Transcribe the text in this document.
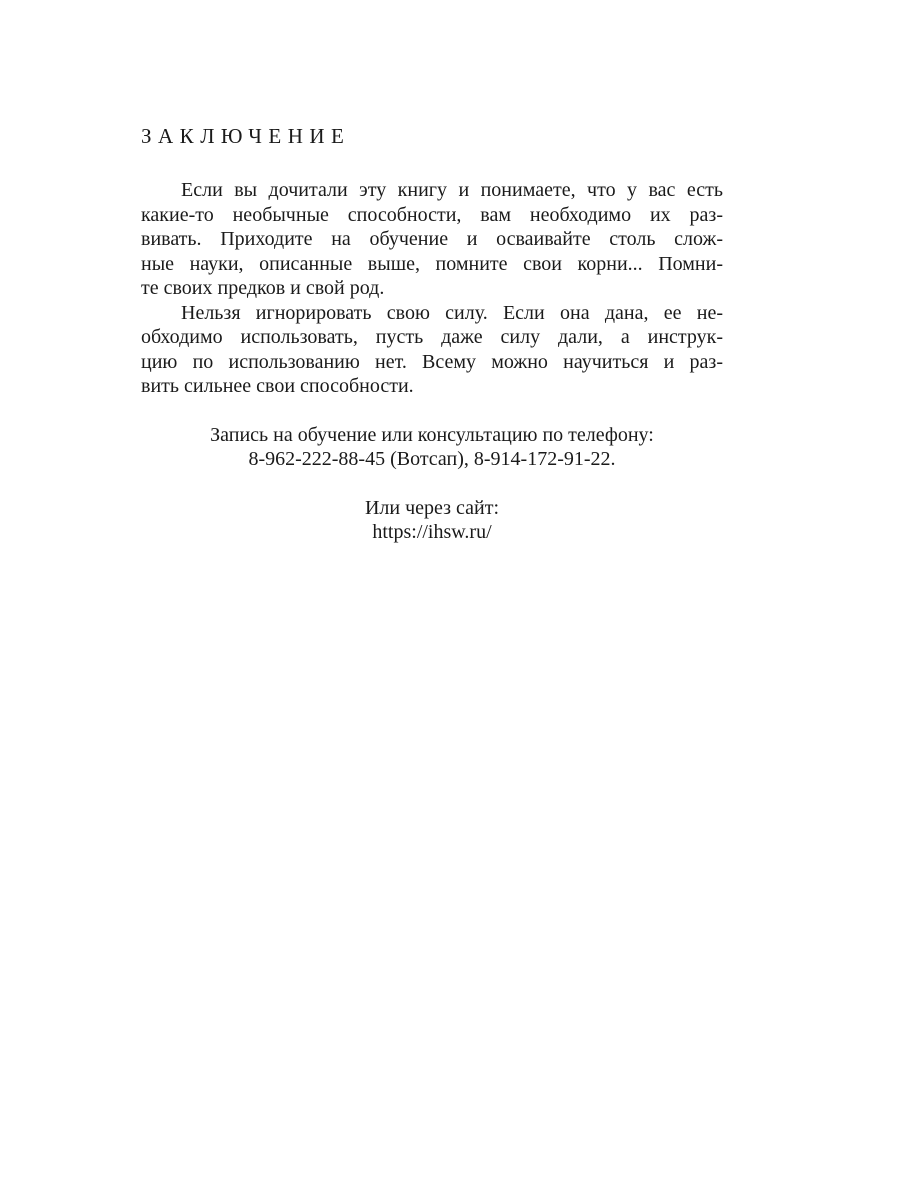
ЗАКЛЮЧЕНИЕ
Если вы дочитали эту книгу и понимаете, что у вас есть
какие-то необычные способности, вам необходимо их раз-
вивать. Приходите на обучение и осваивайте столь слож-
ные науки, описанные выше, помните свои корни... Помни-
те своих предков и свой род.
Нельзя игнорировать свою силу. Если она дана, ее не-
обходимо использовать, пусть даже силу дали, а инструк-
цию по использованию нет. Всему можно научиться и раз-
вить сильнее свои способности.
Запись на обучение или консультацию по телефону:
8-962-222-88-45 (Вотсап), 8-914-172-91-22.
Или через сайт:
https://ihsw.ru/
